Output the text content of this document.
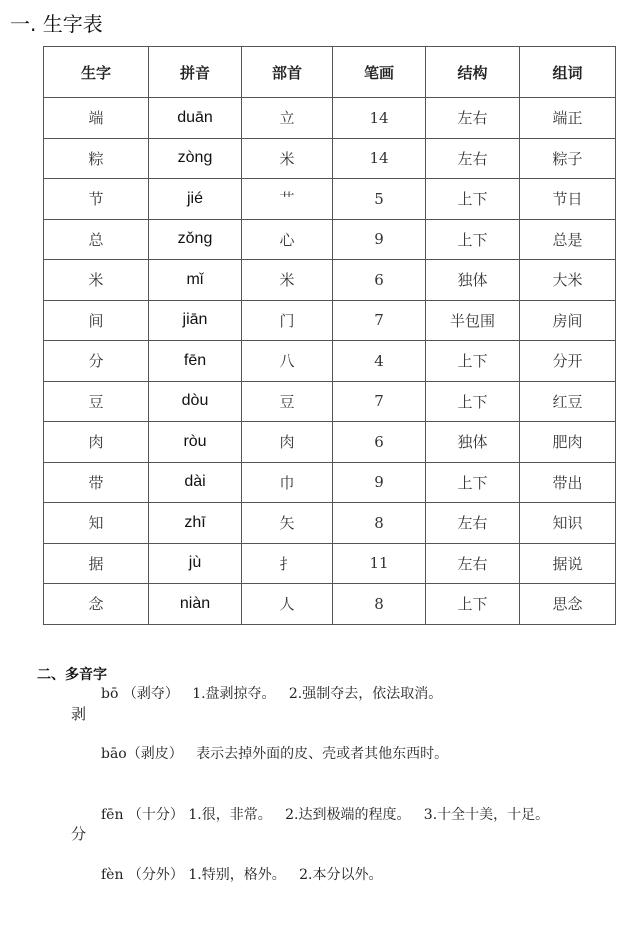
一. 生字表
生字	拼音	部首	笔画	结构	组词
端	duān	立	14	左右	端正
粽	zòng	米	14	左右	粽子
节	jié	艹	5	上下	节日
总	zǒng	心	9	上下	总是
米	mǐ	米	6	独体	大米
间	jiān	门	7	半包围	房间
分	fēn	八	4	上下	分开
豆	dòu	豆	7	上下	红豆
肉	ròu	肉	6	独体	肥肉
带	dài	巾	9	上下	带出
知	zhī	矢	8	左右	知识
据	jù	扌	11	左右	据说
念	niàn	人	8	上下	思念
二、多音字
bō （剥夺）   1.盘剥掠夺。   2.强制夺去，依法取消。
剥
bāo（剥皮）   表示去掉外面的皮、壳或者其他东西时。
fēn （十分） 1.很，非常。   2.达到极端的程度。   3.十全十美，十足。
分
fèn （分外） 1.特别，格外。   2.本分以外。
